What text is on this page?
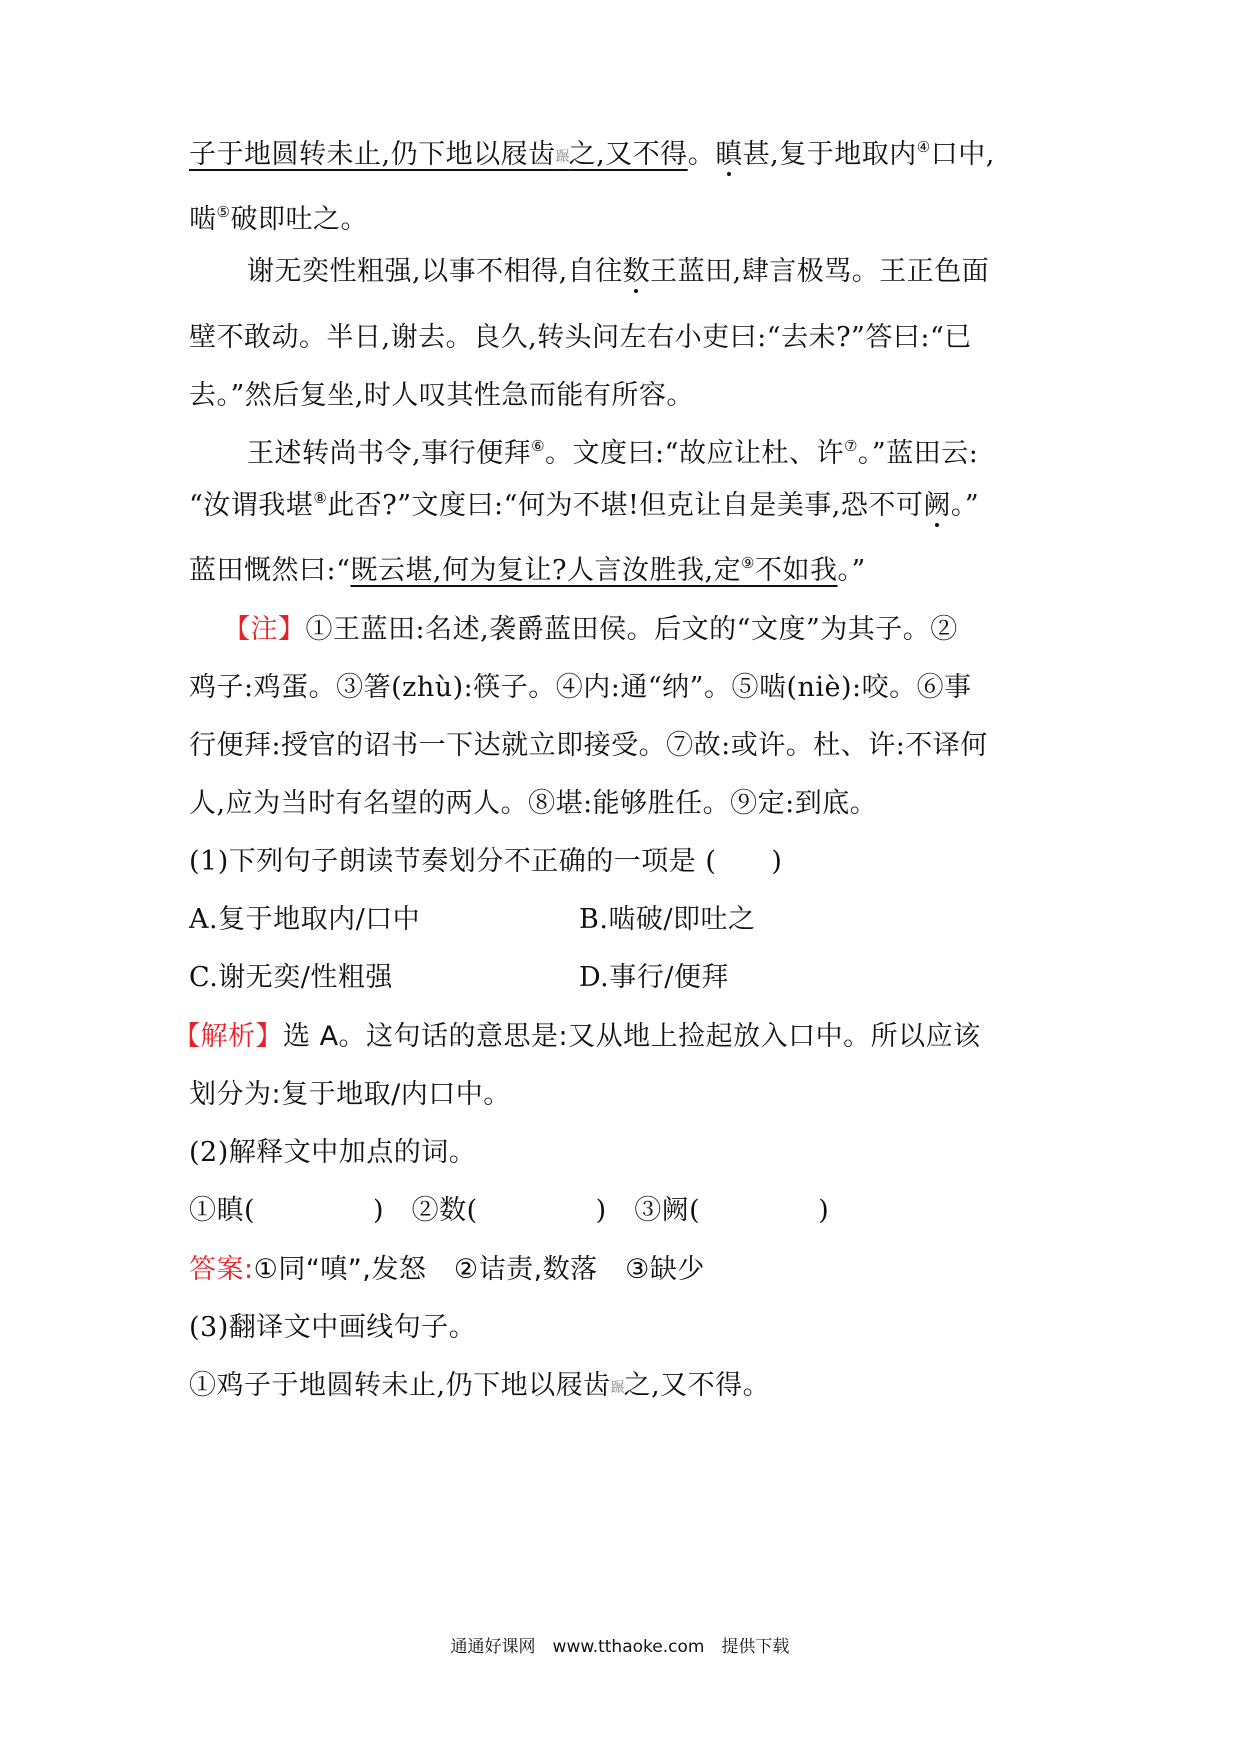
子于地圆转未止,仍下地以屐齿蹍之,又不得。瞋甚,复于地取内④口中,
啮⑤破即吐之。
谢无奕性粗强,以事不相得,自往数王蓝田,肆言极骂。王正色面
壁不敢动。半日,谢去。良久,转头问左右小吏曰:“去未?”答曰:“已
去。”然后复坐,时人叹其性急而能有所容。
王述转尚书令,事行便拜⑥。文度曰:“故应让杜、许⑦。”蓝田云:
“汝谓我堪⑧此否?”文度曰:“何为不堪!但克让自是美事,恐不可阙。”
蓝田慨然曰:“既云堪,何为复让?人言汝胜我,定⑨不如我。”
【注】①王蓝田:名述,袭爵蓝田侯。后文的“文度”为其子。②
鸡子:鸡蛋。③箸(zhù):筷子。④内:通“纳”。⑤啮(niè):咬。⑥事
行便拜:授官的诏书一下达就立即接受。⑦故:或许。杜、许:不译何
人,应为当时有名望的两人。⑧堪:能够胜任。⑨定:到底。
(1)下列句子朗读节奏划分不正确的一项是 (　　)
A.复于地取内/口中	B.啮破/即吐之
C.谢无奕/性粗强	D.事行/便拜
【解析】选 A。这句话的意思是:又从地上捡起放入口中。所以应该
划分为:复于地取/内口中。
(2)解释文中加点的词。
①瞋(	)　 ②数(	)　 ③阙(	)
答案:①同“嗔”,发怒　②诘责,数落　③缺少
(3)翻译文中画线句子。
①鸡子于地圆转未止,仍下地以屐齿蹍之,又不得。
通通好课网　www.tthaoke.com　提供下载
